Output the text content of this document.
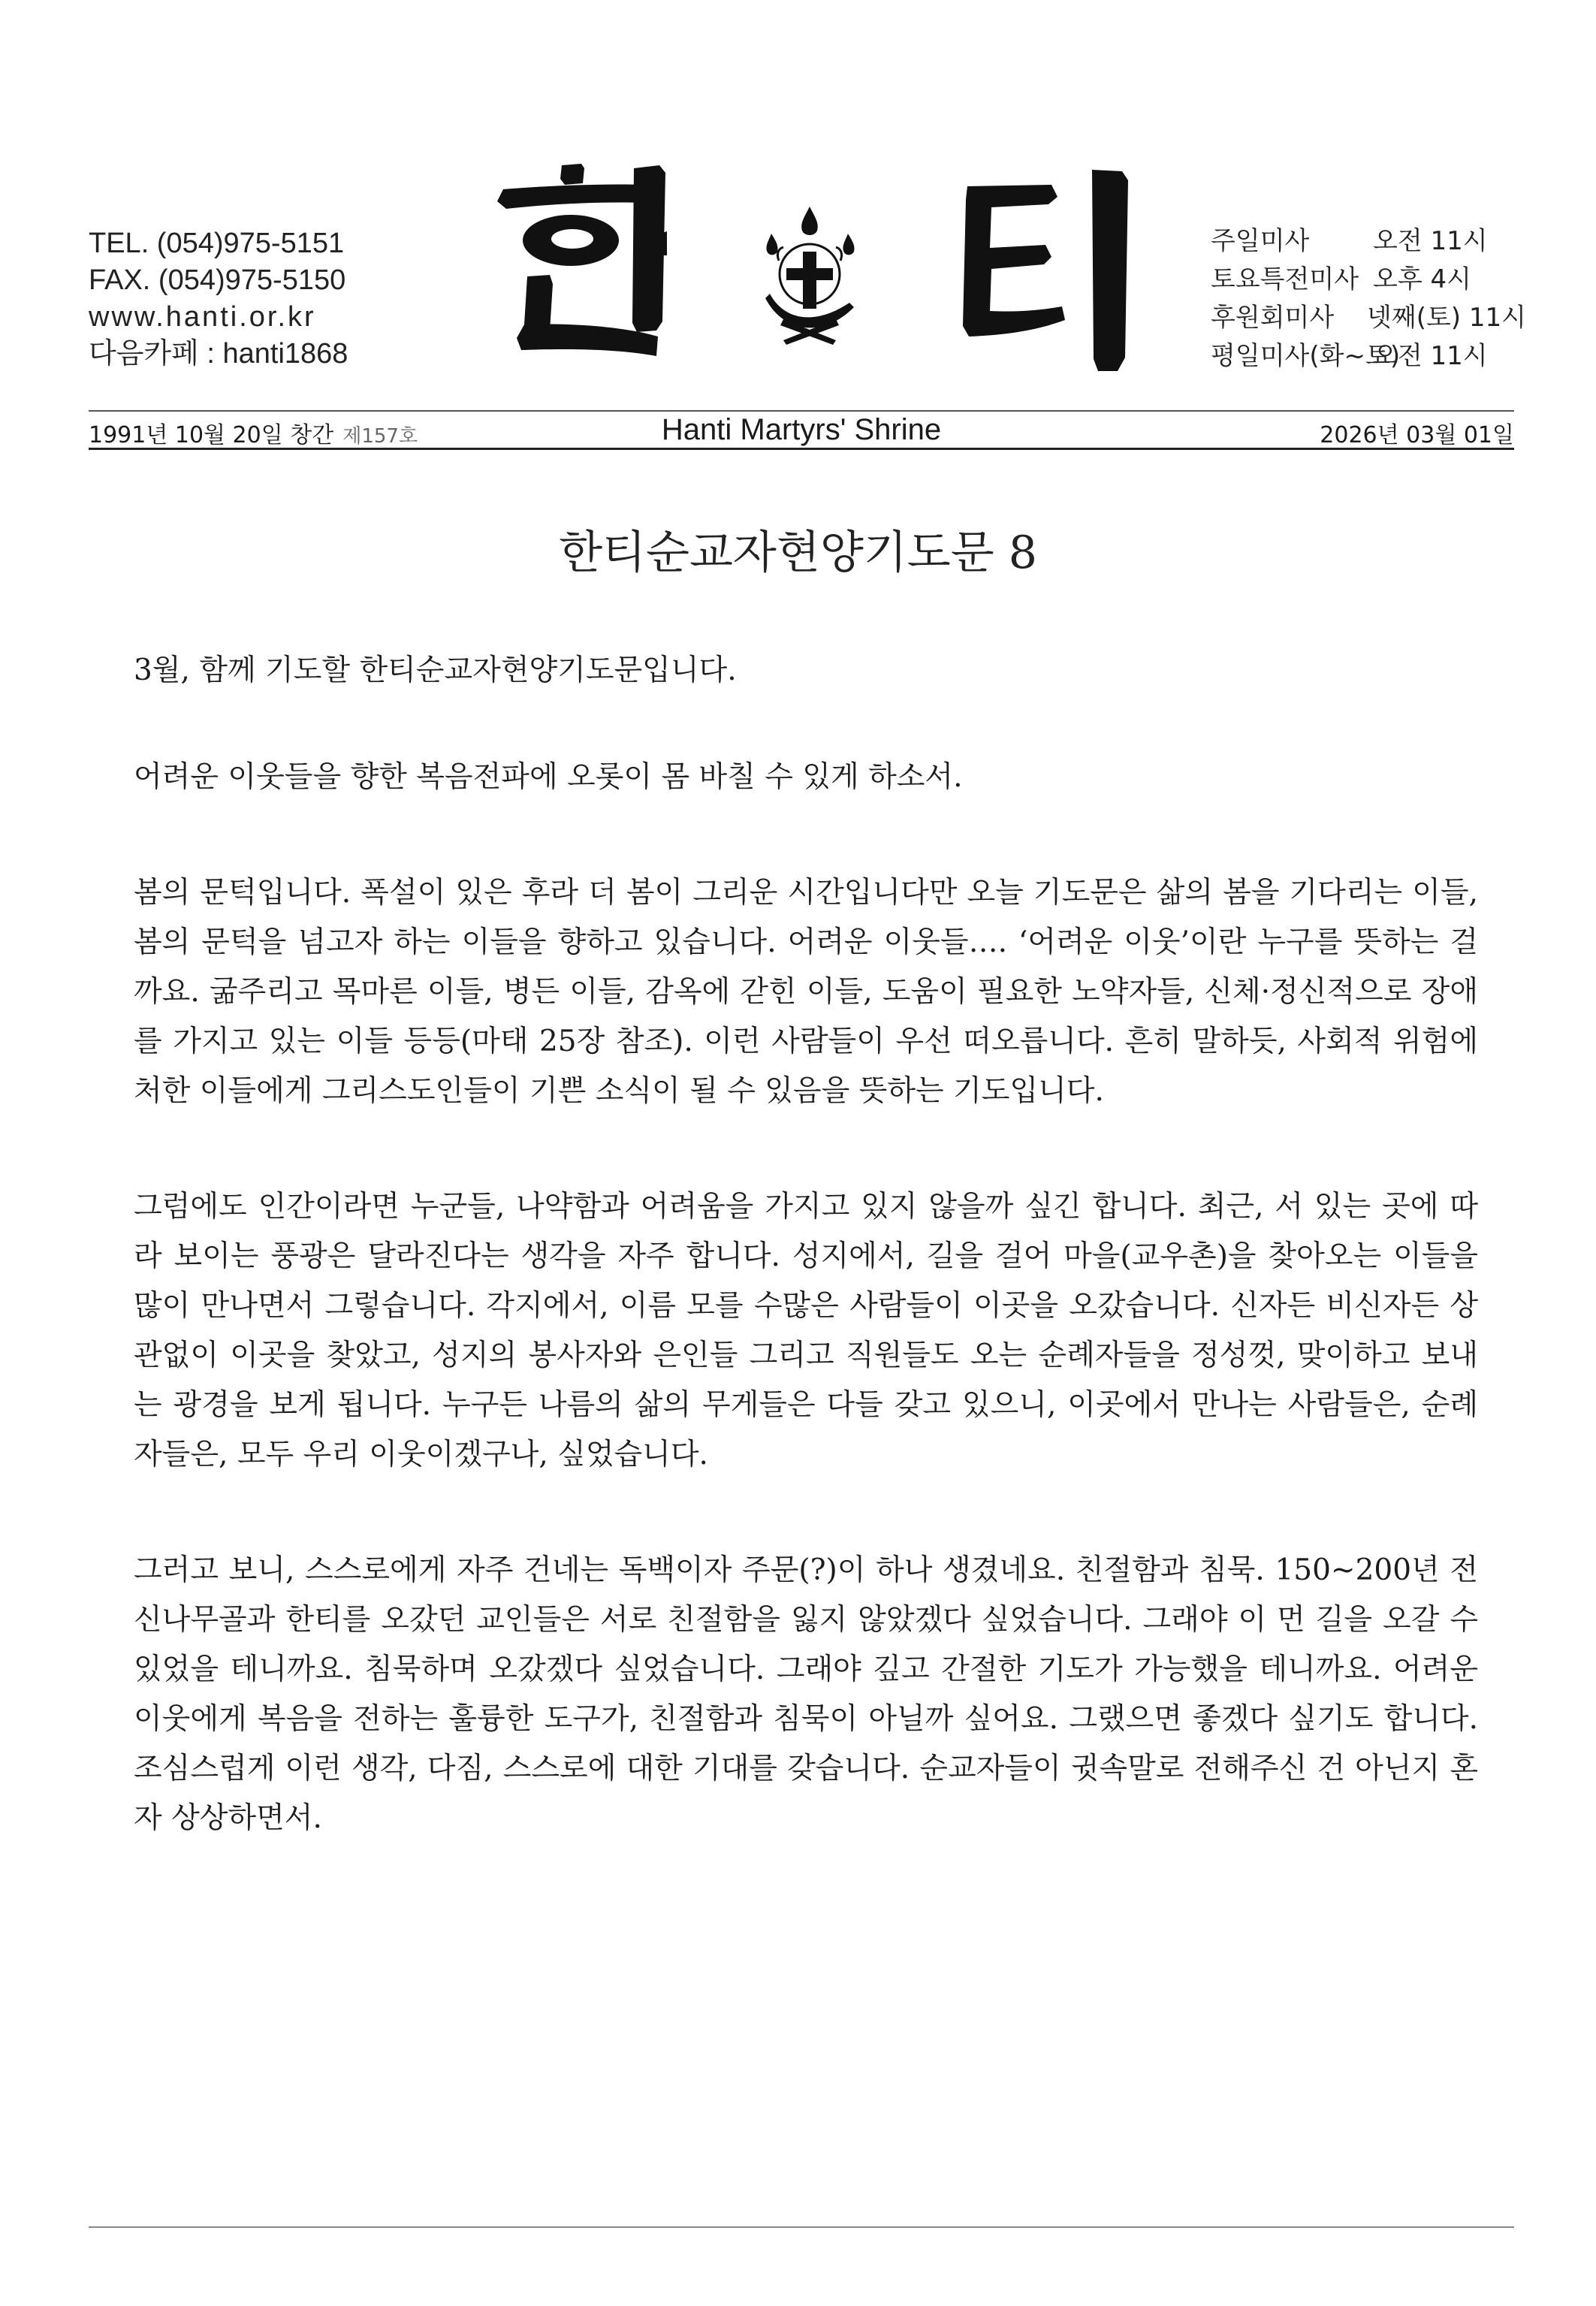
TEL. (054)975-5151
FAX. (054)975-5150
www.hanti.or.kr
다음카페 : hanti1868
주일미사 오전 11시
토요특전미사 오후 4시
후원회미사 넷째(토) 11시
평일미사(화~토)
오전 11시
1991년 10월 20일 창간 제157호	Hanti Martyrs' Shrine	2026년 03월 01일
한티순교자현양기도문 8

3월, 함께 기도할 한티순교자현양기도문입니다.

어려운 이웃들을 향한 복음전파에 오롯이 몸 바칠 수 있게 하소서.

봄의 문턱입니다. 폭설이 있은 후라 더 봄이 그리운 시간입니다만 오늘 기도문은 삶의 봄을 기다리는 이들, 봄의 문턱을 넘고자 하는 이들을 향하고 있습니다. 어려운 이웃들…. ‘어려운 이웃’이란 누구를 뜻하는 걸까요. 굶주리고 목마른 이들, 병든 이들, 감옥에 갇힌 이들, 도움이 필요한 노약자들, 신체·정신적으로 장애를 가지고 있는 이들 등등(마태 25장 참조). 이런 사람들이 우선 떠오릅니다. 흔히 말하듯, 사회적 위험에 처한 이들에게 그리스도인들이 기쁜 소식이 될 수 있음을 뜻하는 기도입니다.

그럼에도 인간이라면 누군들, 나약함과 어려움을 가지고 있지 않을까 싶긴 합니다. 최근, 서 있는 곳에 따라 보이는 풍광은 달라진다는 생각을 자주 합니다. 성지에서, 길을 걸어 마을(교우촌)을 찾아오는 이들을 많이 만나면서 그렇습니다. 각지에서, 이름 모를 수많은 사람들이 이곳을 오갔습니다. 신자든 비신자든 상관없이 이곳을 찾았고, 성지의 봉사자와 은인들 그리고 직원들도 오는 순례자들을 정성껏, 맞이하고 보내는 광경을 보게 됩니다. 누구든 나름의 삶의 무게들은 다들 갖고 있으니, 이곳에서 만나는 사람들은, 순례자들은, 모두 우리 이웃이겠구나, 싶었습니다.

그러고 보니, 스스로에게 자주 건네는 독백이자 주문(?)이 하나 생겼네요. 친절함과 침묵. 150~200년 전 신나무골과 한티를 오갔던 교인들은 서로 친절함을 잃지 않았겠다 싶었습니다. 그래야 이 먼 길을 오갈 수 있었을 테니까요. 침묵하며 오갔겠다 싶었습니다. 그래야 깊고 간절한 기도가 가능했을 테니까요. 어려운 이웃에게 복음을 전하는 훌륭한 도구가, 친절함과 침묵이 아닐까 싶어요. 그랬으면 좋겠다 싶기도 합니다. 조심스럽게 이런 생각, 다짐, 스스로에 대한 기대를 갖습니다. 순교자들이 귓속말로 전해주신 건 아닌지 혼자 상상하면서.
